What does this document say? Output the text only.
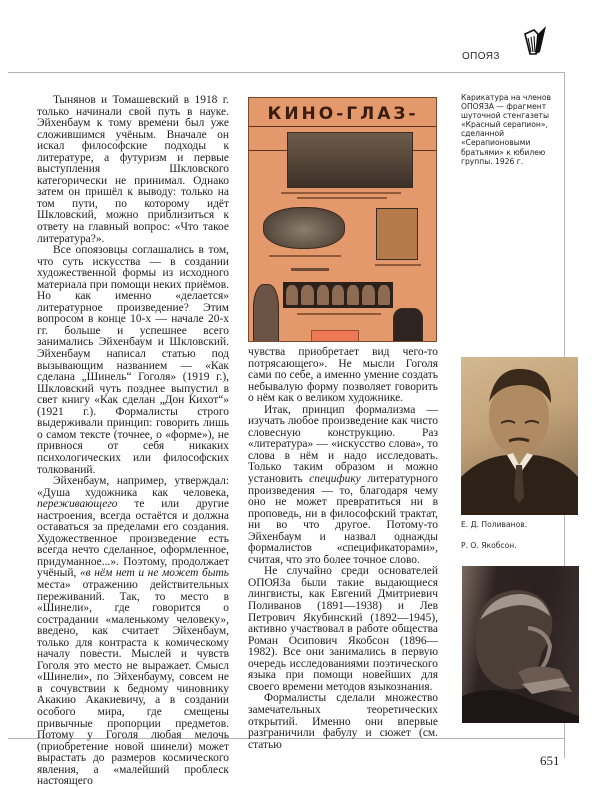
ОПОЯЗ

Тынянов и Томашевский в 1918 г. только начинали свой путь в науке. Эйхенбаум к тому времени был уже сложившимся учёным. Вначале он искал философские подходы к литературе, а футуризм и первые выступления Шкловского категорически не принимал. Однако затем он пришёл к выводу: только на том пути, по которому идёт Шкловский, можно приблизиться к ответу на главный вопрос: «Что такое литература?».

Все опоязовцы соглашались в том, что суть искусства — в создании художественной формы из исходного материала при помощи неких приёмов. Но как именно «делается» литературное произведение? Этим вопросом в конце 10-х — начале 20-х гг. больше и успешнее всего занимались Эйхенбаум и Шкловский. Эйхенбаум написал статью под вызывающим названием — «Как сделана „Шинель“ Гоголя» (1919 г.), Шкловский чуть позднее выпустил в свет книгу «Как сделан „Дон Кихот“» (1921 г.). Формалисты строго выдерживали принцип: говорить лишь о самом тексте (точнее, о «форме»), не привнося от себя никаких психологических или философских толкований.

Эйхенбаум, например, утверждал: «Душа художника как человека, переживающего те или другие настроения, всегда остаётся и должна оставаться за пределами его создания. Художественное произведение есть всегда нечто сделанное, оформленное, придуманное...». Поэтому, продолжает учёный, «в нём нет и не может быть места» отражению действительных переживаний. Так, то место в «Шинели», где говорится о сострадании «маленькому человеку», введено, как считает Эйхенбаум, только для контраста к комическому началу повести. Мыслей и чувств Гоголя это место не выражает. Смысл «Шинели», по Эйхенбауму, совсем не в сочувствии к бедному чиновнику Акакию Акакиевичу, а в создании особого мира, где смещены привычные пропорции предметов. Потому у Гоголя любая мелочь (приобретение новой шинели) может вырастать до размеров космического явления, а «малейший проблеск настоящего

КИНО-ГЛАЗ-
Карикатура на членов ОПОЯЗА — фрагмент шуточной стенгазеты «Красный серапион», сделанной «Серапионовыми братьями» к юбилею группы. 1926 г.

чувства приобретает вид чего-то потрясающего». Не мысли Гоголя сами по себе, а именно умение создать небывалую форму позволяет говорить о нём как о великом художнике.

Итак, принцип формализма — изучать любое произведение как чисто словесную конструкцию. Раз «литература» — «искусство слова», то слова в нём и надо исследовать. Только таким образом и можно установить специфику литературного произведения — то, благодаря чему оно не может превратиться ни в проповедь, ни в философский трактат, ни во что другое. Потому-то Эйхенбаум и назвал однажды формалистов «спецификаторами», считая, что это более точное слово.

Не случайно среди основателей ОПОЯЗа были такие выдающиеся лингвисты, как Евгений Дмитриевич Поливанов (1891—1938) и Лев Петрович Якубинский (1892—1945), активно участвовал в работе общества Роман Осипович Якобсон (1896—1982). Все они занимались в первую очередь исследованиями поэтического языка при помощи новейших для своего времени методов языкознания.

Формалисты сделали множество замечательных теоретических открытий. Именно они впервые разграничили фабулу и сюжет (см. статью

Е. Д. Поливанов.
Р. О. Якобсон.
651
